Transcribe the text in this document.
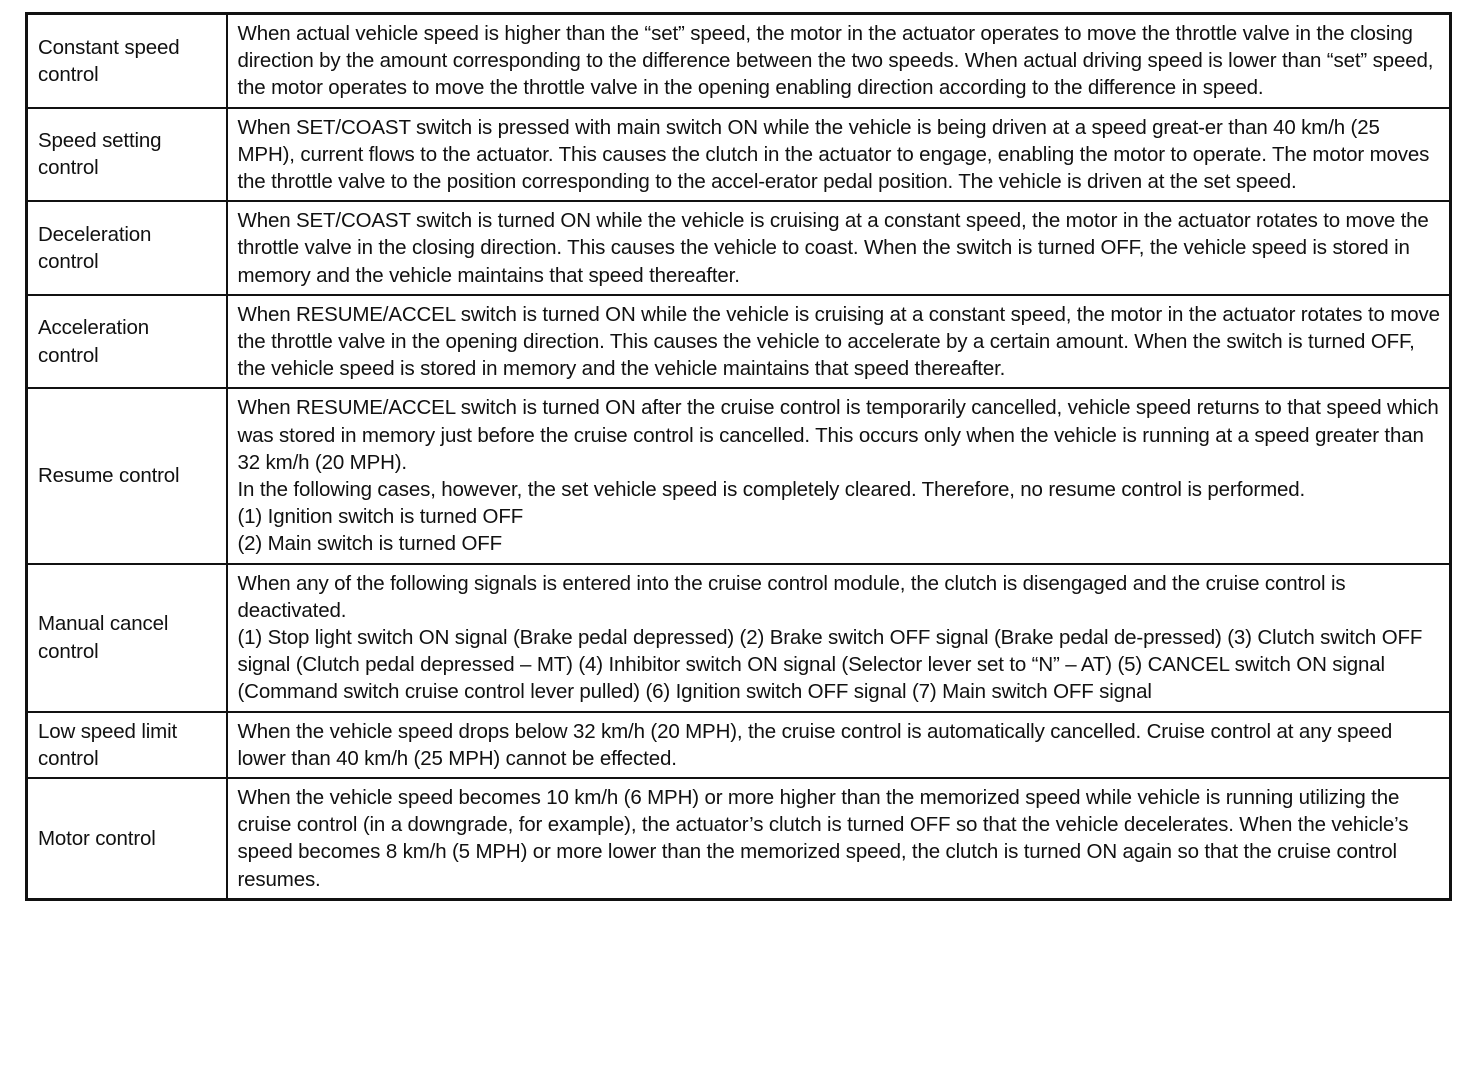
Constant speed
control	When actual vehicle speed is higher than the “set” speed, the motor in the actuator operates to move the throttle valve in the closing direction by the amount corresponding to the difference between the two speeds. When actual driving speed is lower than “set” speed, the motor operates to move the throttle valve in the opening enabling direction according to the difference in speed.
Speed setting
control	When SET/COAST switch is pressed with main switch ON while the vehicle is being driven at a speed great-er than 40 km/h (25 MPH), current flows to the actuator. This causes the clutch in the actuator to engage, enabling the motor to operate. The motor moves the throttle valve to the position corresponding to the accel-erator pedal position. The vehicle is driven at the set speed.
Deceleration
control	When SET/COAST switch is turned ON while the vehicle is cruising at a constant speed, the motor in the actuator rotates to move the throttle valve in the closing direction. This causes the vehicle to coast. When the switch is turned OFF, the vehicle speed is stored in memory and the vehicle maintains that speed thereafter.
Acceleration
control	When RESUME/ACCEL switch is turned ON while the vehicle is cruising at a constant speed, the motor in the actuator rotates to move the throttle valve in the opening direction. This causes the vehicle to accelerate by a certain amount. When the switch is turned OFF, the vehicle speed is stored in memory and the vehicle maintains that speed thereafter.
Resume control	When RESUME/ACCEL switch is turned ON after the cruise control is temporarily cancelled, vehicle speed returns to that speed which was stored in memory just before the cruise control is cancelled. This occurs only when the vehicle is running at a speed greater than 32 km/h (20 MPH).
In the following cases, however, the set vehicle speed is completely cleared. Therefore, no resume control is performed.
(1) Ignition switch is turned OFF
(2) Main switch is turned OFF
Manual cancel
control	When any of the following signals is entered into the cruise control module, the clutch is disengaged and the cruise control is deactivated.
(1) Stop light switch ON signal (Brake pedal depressed) (2) Brake switch OFF signal (Brake pedal de-pressed) (3) Clutch switch OFF signal (Clutch pedal depressed – MT) (4) Inhibitor switch ON signal (Selector lever set to “N” – AT) (5) CANCEL switch ON signal (Command switch cruise control lever pulled) (6) Ignition switch OFF signal (7) Main switch OFF signal
Low speed limit
control	When the vehicle speed drops below 32 km/h (20 MPH), the cruise control is automatically cancelled. Cruise control at any speed lower than 40 km/h (25 MPH) cannot be effected.
Motor control	When the vehicle speed becomes 10 km/h (6 MPH) or more higher than the memorized speed while vehicle is running utilizing the cruise control (in a downgrade, for example), the actuator’s clutch is turned OFF so that the vehicle decelerates. When the vehicle’s speed becomes 8 km/h (5 MPH) or more lower than the memorized speed, the clutch is turned ON again so that the cruise control resumes.
